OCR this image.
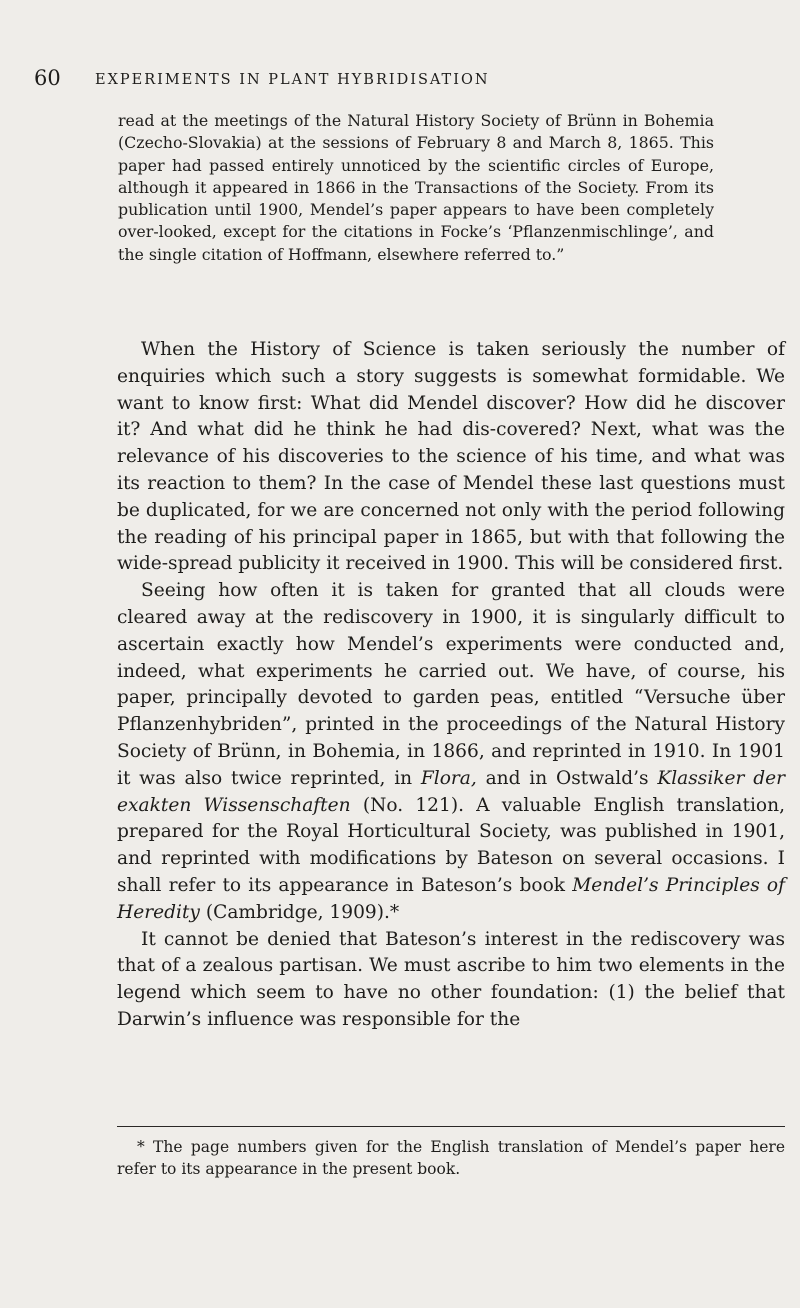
60 EXPERIMENTS IN PLANT HYBRIDISATION

read at the meetings of the Natural History Society of Brünn in Bohemia (Czecho-Slovakia) at the sessions of February 8 and March 8, 1865. This paper had passed entirely unnoticed by the scientific circles of Europe, although it appeared in 1866 in the Transactions of the Society. From its publication until 1900, Mendel’s paper appears to have been completely over-looked, except for the citations in Focke’s ‘Pflanzenmischlinge’, and the single citation of Hoffmann, elsewhere referred to.”

When the History of Science is taken seriously the number of enquiries which such a story suggests is somewhat formidable. We want to know first: What did Mendel discover? How did he discover it? And what did he think he had dis-covered? Next, what was the relevance of his discoveries to the science of his time, and what was its reaction to them? In the case of Mendel these last questions must be duplicated, for we are concerned not only with the period following the reading of his principal paper in 1865, but with that following the wide-spread publicity it received in 1900. This will be considered first.

Seeing how often it is taken for granted that all clouds were cleared away at the rediscovery in 1900, it is singularly difficult to ascertain exactly how Mendel’s experiments were conducted and, indeed, what experiments he carried out. We have, of course, his paper, principally devoted to garden peas, entitled “Versuche über Pflanzenhybriden”, printed in the proceedings of the Natural History Society of Brünn, in Bohemia, in 1866, and reprinted in 1910. In 1901 it was also twice reprinted, in Flora, and in Ostwald’s Klassiker der exakten Wissenschaften (No. 121). A valuable English translation, prepared for the Royal Horticultural Society, was published in 1901, and reprinted with modifications by Bateson on several occasions. I shall refer to its appearance in Bateson’s book Mendel’s Principles of Heredity (Cambridge, 1909).*

It cannot be denied that Bateson’s interest in the rediscovery was that of a zealous partisan. We must ascribe to him two elements in the legend which seem to have no other foundation: (1) the belief that Darwin’s influence was responsible for the

* The page numbers given for the English translation of Mendel’s paper here refer to its appearance in the present book.
